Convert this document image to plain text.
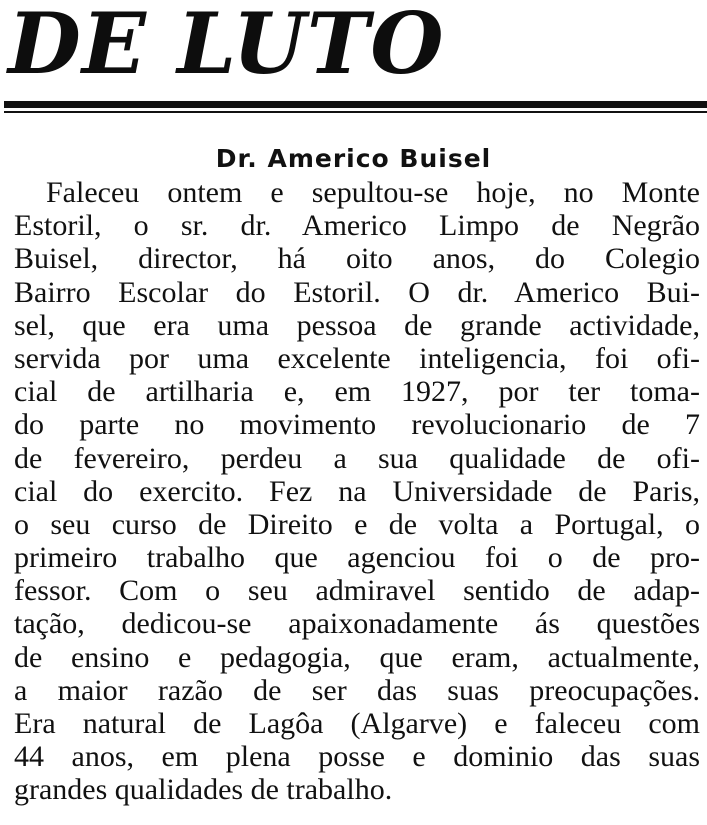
DE LUTO
Dr. Americo Buisel
Faleceu ontem e sepultou-se hoje, no Monte
Estoril, o sr. dr. Americo Limpo de Negrão
Buisel, director, há oito anos, do Colegio
Bairro Escolar do Estoril. O dr. Americo Bui-
sel, que era uma pessoa de grande actividade,
servida por uma excelente inteligencia, foi ofi-
cial de artilharia e, em 1927, por ter toma-
do parte no movimento revolucionario de 7
de fevereiro, perdeu a sua qualidade de ofi-
cial do exercito. Fez na Universidade de Paris,
o seu curso de Direito e de volta a Portugal, o
primeiro trabalho que agenciou foi o de pro-
fessor. Com o seu admiravel sentido de adap-
tação, dedicou-se apaixonadamente ás questões
de ensino e pedagogia, que eram, actualmente,
a maior razão de ser das suas preocupações.
Era natural de Lagôa (Algarve) e faleceu com
44 anos, em plena posse e dominio das suas
grandes qualidades de trabalho.
